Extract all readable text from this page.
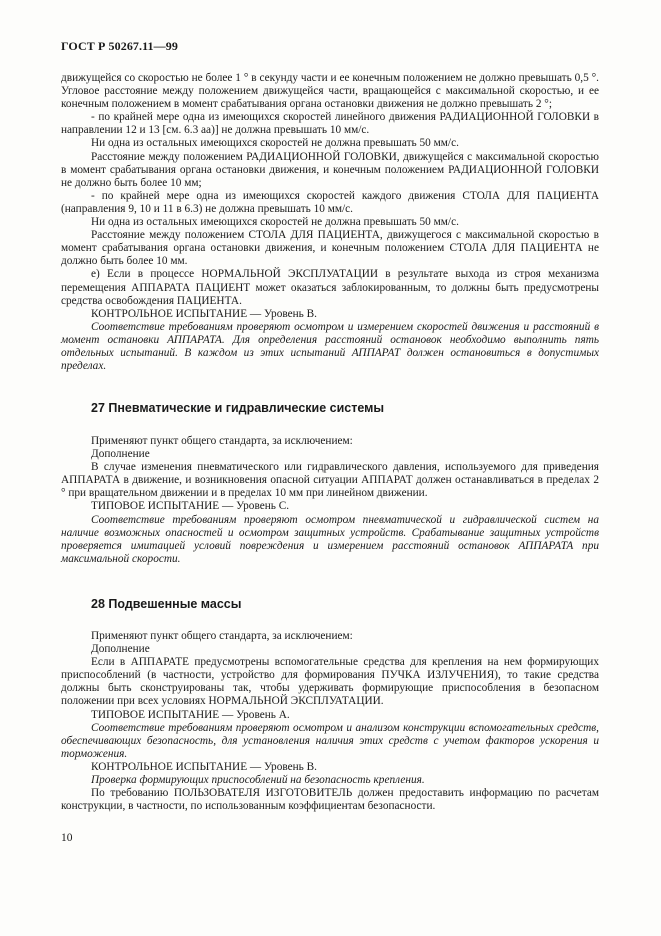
ГОСТ Р 50267.11—99

движущейся со скоростью не более 1 ° в секунду части и ее конечным положением не должно превышать 0,5 °. Угловое расстояние между положением движущейся части, вращающейся с максимальной скоростью, и ее конечным положением в момент срабатывания органа остановки движения не должно превышать 2 °;

- по крайней мере одна из имеющихся скоростей линейного движения РАДИАЦИОННОЙ ГОЛОВКИ в направлении 12 и 13 [см. 6.3 аа)] не должна превышать 10 мм/с.

Ни одна из остальных имеющихся скоростей не должна превышать 50 мм/с.

Расстояние между положением РАДИАЦИОННОЙ ГОЛОВКИ, движущейся с максимальной скоростью в момент срабатывания органа остановки движения, и конечным положением РАДИАЦИОННОЙ ГОЛОВКИ не должно быть более 10 мм;

- по крайней мере одна из имеющихся скоростей каждого движения СТОЛА ДЛЯ ПАЦИЕНТА (направления 9, 10 и 11 в 6.3) не должна превышать 10 мм/с.

Ни одна из остальных имеющихся скоростей не должна превышать 50 мм/с.

Расстояние между положением СТОЛА ДЛЯ ПАЦИЕНТА, движущегося с максимальной скоростью в момент срабатывания органа остановки движения, и конечным положением СТОЛА ДЛЯ ПАЦИЕНТА не должно быть более 10 мм.

е) Если в процессе НОРМАЛЬНОЙ ЭКСПЛУАТАЦИИ в результате выхода из строя механизма перемещения АППАРАТА ПАЦИЕНТ может оказаться заблокированным, то должны быть предусмотрены средства освобождения ПАЦИЕНТА.

КОНТРОЛЬНОЕ ИСПЫТАНИЕ — Уровень В.

Соответствие требованиям проверяют осмотром и измерением скоростей движения и расстояний в момент остановки АППАРАТА. Для определения расстояний остановок необходимо выполнить пять отдельных испытаний. В каждом из этих испытаний АППАРАТ должен остановиться в допустимых пределах.

27 Пневматические и гидравлические системы

Применяют пункт общего стандарта, за исключением:

Дополнение

В случае изменения пневматического или гидравлического давления, используемого для приведения АППАРАТА в движение, и возникновения опасной ситуации АППАРАТ должен останавливаться в пределах 2 ° при вращательном движении и в пределах 10 мм при линейном движении.

ТИПОВОЕ ИСПЫТАНИЕ — Уровень С.

Соответствие требованиям проверяют осмотром пневматической и гидравлической систем на наличие возможных опасностей и осмотром защитных устройств. Срабатывание защитных устройств проверяется имитацией условий повреждения и измерением расстояний остановок АППАРАТА при максимальной скорости.

28 Подвешенные массы

Применяют пункт общего стандарта, за исключением:

Дополнение

Если в АППАРАТЕ предусмотрены вспомогательные средства для крепления на нем формирующих приспособлений (в частности, устройство для формирования ПУЧКА ИЗЛУЧЕНИЯ), то такие средства должны быть сконструированы так, чтобы удерживать формирующие приспособления в безопасном положении при всех условиях НОРМАЛЬНОЙ ЭКСПЛУАТАЦИИ.

ТИПОВОЕ ИСПЫТАНИЕ — Уровень А.

Соответствие требованиям проверяют осмотром и анализом конструкции вспомогательных средств, обеспечивающих безопасность, для установления наличия этих средств с учетом факторов ускорения и торможения.

КОНТРОЛЬНОЕ ИСПЫТАНИЕ — Уровень В.

Проверка формирующих приспособлений на безопасность крепления.

По требованию ПОЛЬЗОВАТЕЛЯ ИЗГОТОВИТЕЛЬ должен предоставить информацию по расчетам конструкции, в частности, по использованным коэффициентам безопасности.

10
